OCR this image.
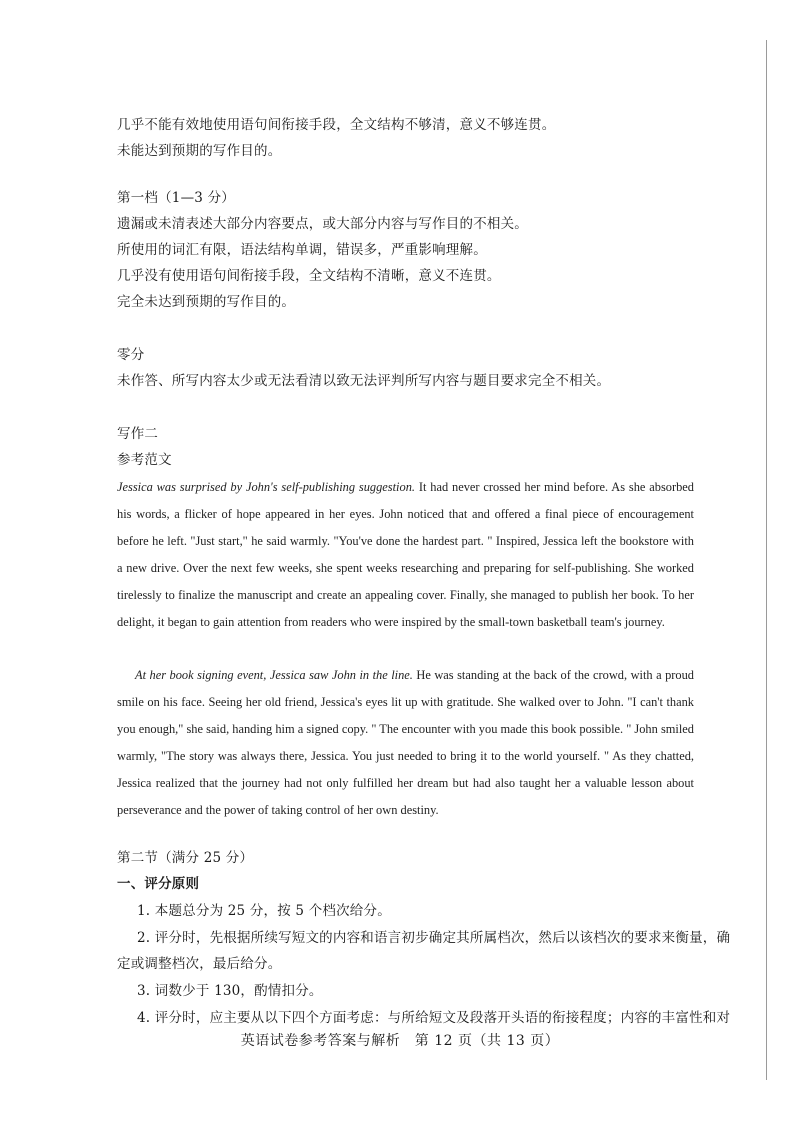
几乎不能有效地使用语句间衔接手段，全文结构不够清，意义不够连贯。
未能达到预期的写作目的。
第一档（1—3 分）
遗漏或未清表述大部分内容要点，或大部分内容与写作目的不相关。
所使用的词汇有限，语法结构单调，错误多，严重影响理解。
几乎没有使用语句间衔接手段，全文结构不清晰，意义不连贯。
完全未达到预期的写作目的。
零分
未作答、所写内容太少或无法看清以致无法评判所写内容与题目要求完全不相关。
写作二
参考范文
Jessica was surprised by John's self-publishing suggestion. It had never crossed her mind before. As she absorbed his words, a flicker of hope appeared in her eyes. John noticed that and offered a final piece of encouragement before he left. "Just start," he said warmly. "You've done the hardest part. " Inspired, Jessica left the bookstore with a new drive. Over the next few weeks, she spent weeks researching and preparing for self-publishing. She worked tirelessly to finalize the manuscript and create an appealing cover. Finally, she managed to publish her book. To her delight, it began to gain attention from readers who were inspired by the small-town basketball team's journey.
At her book signing event, Jessica saw John in the line. He was standing at the back of the crowd, with a proud smile on his face. Seeing her old friend, Jessica's eyes lit up with gratitude. She walked over to John. "I can't thank you enough," she said, handing him a signed copy. " The encounter with you made this book possible. " John smiled warmly, "The story was always there, Jessica. You just needed to bring it to the world yourself. " As they chatted, Jessica realized that the journey had not only fulfilled her dream but had also taught her a valuable lesson about perseverance and the power of taking control of her own destiny.
第二节（满分 25 分）
一、评分原则
1. 本题总分为 25 分，按 5 个档次给分。
2. 评分时，先根据所续写短文的内容和语言初步确定其所属档次，然后以该档次的要求来衡量，确
定或调整档次，最后给分。
3. 词数少于 130，酌情扣分。
4. 评分时，应主要从以下四个方面考虑：与所给短文及段落开头语的衔接程度；内容的丰富性和对
英语试卷参考答案与解析　第 12 页（共 13 页）
